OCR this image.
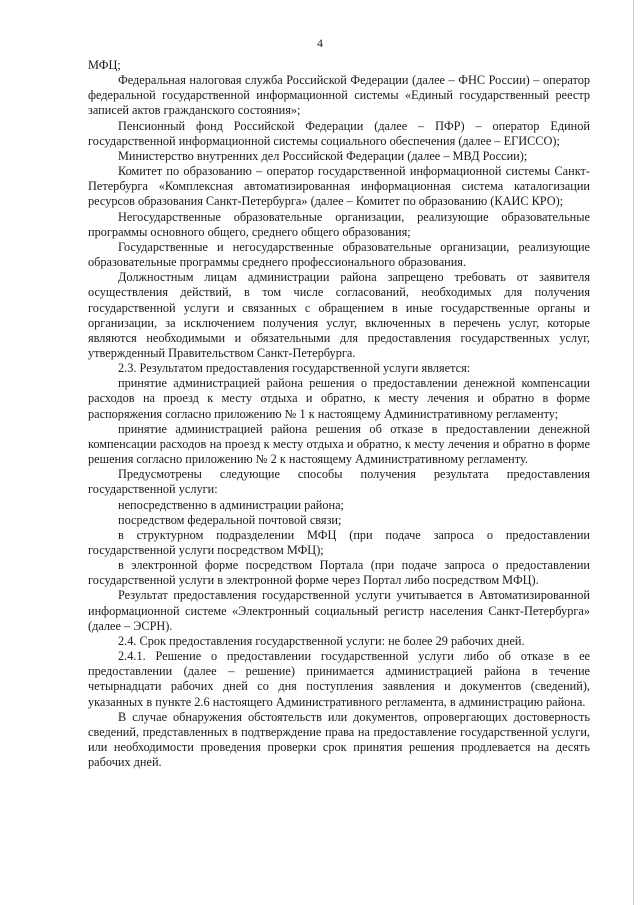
4

МФЦ;

Федеральная налоговая служба Российской Федерации (далее – ФНС России) – оператор федеральной государственной информационной системы «Единый государственный реестр записей актов гражданского состояния»;

Пенсионный фонд Российской Федерации (далее – ПФР) – оператор Единой государственной информационной системы социального обеспечения (далее – ЕГИССО);

Министерство внутренних дел Российской Федерации (далее – МВД России);

Комитет по образованию – оператор государственной информационной системы Санкт-Петербурга «Комплексная автоматизированная информационная система каталогизации ресурсов образования Санкт-Петербурга» (далее – Комитет по образованию (КАИС КРО);

Негосударственные образовательные организации, реализующие образовательные программы основного общего, среднего общего образования;

Государственные и негосударственные образовательные организации, реализующие образовательные программы среднего профессионального образования.

Должностным лицам администрации района запрещено требовать от заявителя осуществления действий, в том числе согласований, необходимых для получения государственной услуги и связанных с обращением в иные государственные органы и организации, за исключением получения услуг, включенных в перечень услуг, которые являются необходимыми и обязательными для предоставления государственных услуг, утвержденный Правительством Санкт-Петербурга.

2.3. Результатом предоставления государственной услуги является:

принятие администрацией района решения о предоставлении денежной компенсации расходов на проезд к месту отдыха и обратно, к месту лечения и обратно в форме распоряжения согласно приложению № 1 к настоящему Административному регламенту;

принятие администрацией района решения об отказе в предоставлении денежной компенсации расходов на проезд к месту отдыха и обратно, к месту лечения и обратно в форме решения согласно приложению № 2 к настоящему Административному регламенту.

Предусмотрены следующие способы получения результата предоставления государственной услуги:

непосредственно в администрации района;

посредством федеральной почтовой связи;

в структурном подразделении МФЦ (при подаче запроса о предоставлении государственной услуги посредством МФЦ);

в электронной форме посредством Портала (при подаче запроса о предоставлении государственной услуги в электронной форме через Портал либо посредством МФЦ).

Результат предоставления государственной услуги учитывается в Автоматизированной информационной системе «Электронный социальный регистр населения Санкт-Петербурга» (далее – ЭСРН).

2.4. Срок предоставления государственной услуги: не более 29 рабочих дней.

2.4.1. Решение о предоставлении государственной услуги либо об отказе в ее предоставлении (далее – решение) принимается администрацией района в течение четырнадцати рабочих дней со дня поступления заявления и документов (сведений), указанных в пункте 2.6 настоящего Административного регламента, в администрацию района.

В случае обнаружения обстоятельств или документов, опровергающих достоверность сведений, представленных в подтверждение права на предоставление государственной услуги, или необходимости проведения проверки срок принятия решения продлевается на десять рабочих дней.
